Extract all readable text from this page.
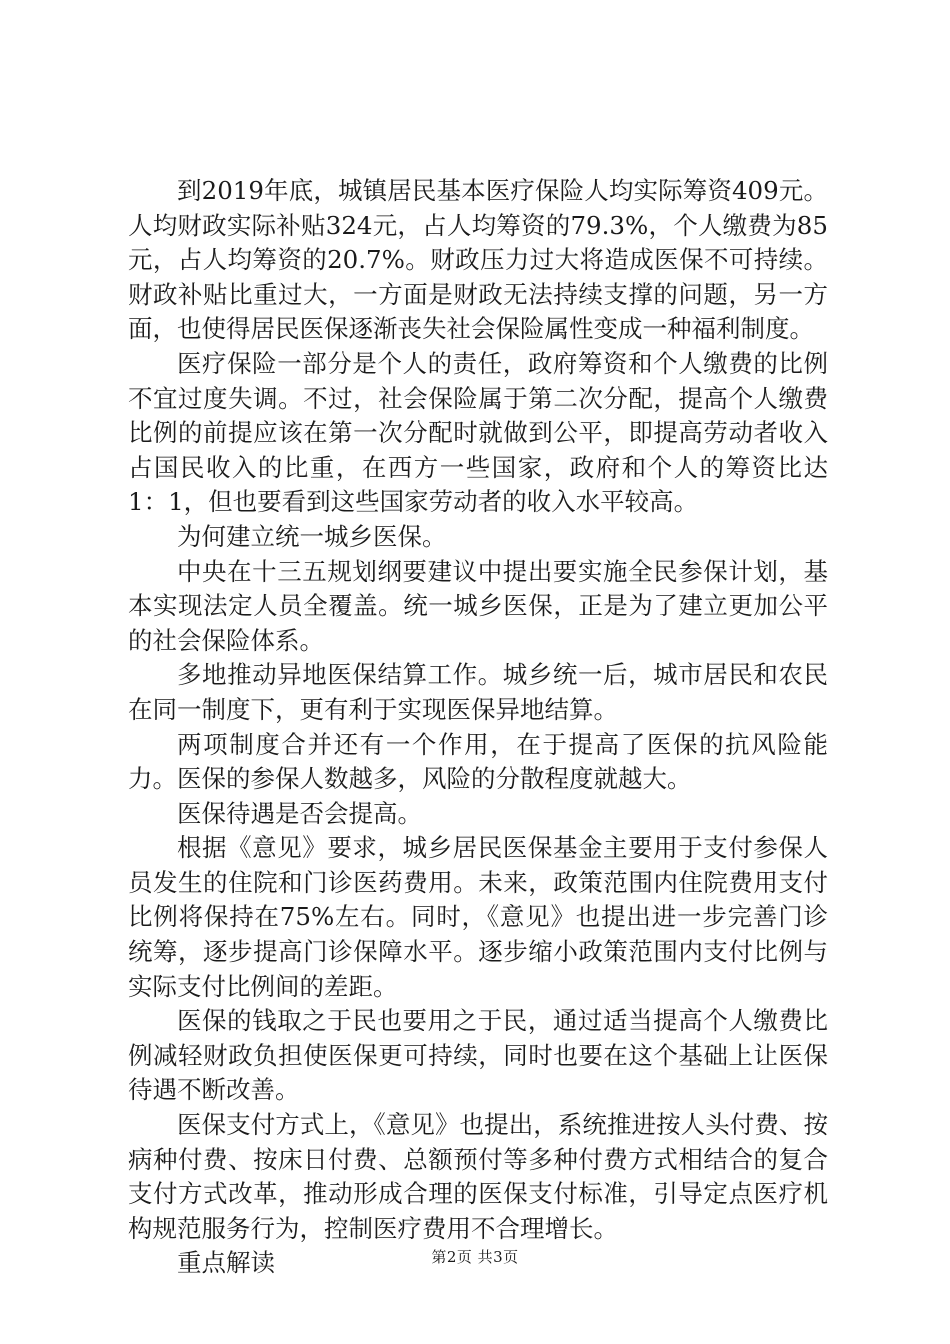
到2019年底，城镇居民基本医疗保险人均实际筹资409元。人均财政实际补贴324元，占人均筹资的79.3%，个人缴费为85元，占人均筹资的20.7%。财政压力过大将造成医保不可持续。财政补贴比重过大，一方面是财政无法持续支撑的问题，另一方面，也使得居民医保逐渐丧失社会保险属性变成一种福利制度。

医疗保险一部分是个人的责任，政府筹资和个人缴费的比例不宜过度失调。不过，社会保险属于第二次分配，提高个人缴费比例的前提应该在第一次分配时就做到公平，即提高劳动者收入占国民收入的比重，在西方一些国家，政府和个人的筹资比达1：1，但也要看到这些国家劳动者的收入水平较高。

为何建立统一城乡医保。

中央在十三五规划纲要建议中提出要实施全民参保计划，基本实现法定人员全覆盖。统一城乡医保，正是为了建立更加公平的社会保险体系。

多地推动异地医保结算工作。城乡统一后，城市居民和农民在同一制度下，更有利于实现医保异地结算。

两项制度合并还有一个作用，在于提高了医保的抗风险能力。医保的参保人数越多，风险的分散程度就越大。

医保待遇是否会提高。

根据《意见》要求，城乡居民医保基金主要用于支付参保人员发生的住院和门诊医药费用。未来，政策范围内住院费用支付比例将保持在75%左右。同时，《意见》也提出进一步完善门诊统筹，逐步提高门诊保障水平。逐步缩小政策范围内支付比例与实际支付比例间的差距。

医保的钱取之于民也要用之于民，通过适当提高个人缴费比例减轻财政负担使医保更可持续，同时也要在这个基础上让医保待遇不断改善。

医保支付方式上，《意见》也提出，系统推进按人头付费、按病种付费、按床日付费、总额预付等多种付费方式相结合的复合支付方式改革，推动形成合理的医保支付标准，引导定点医疗机构规范服务行为，控制医疗费用不合理增长。

重点解读	第2页 共3页
